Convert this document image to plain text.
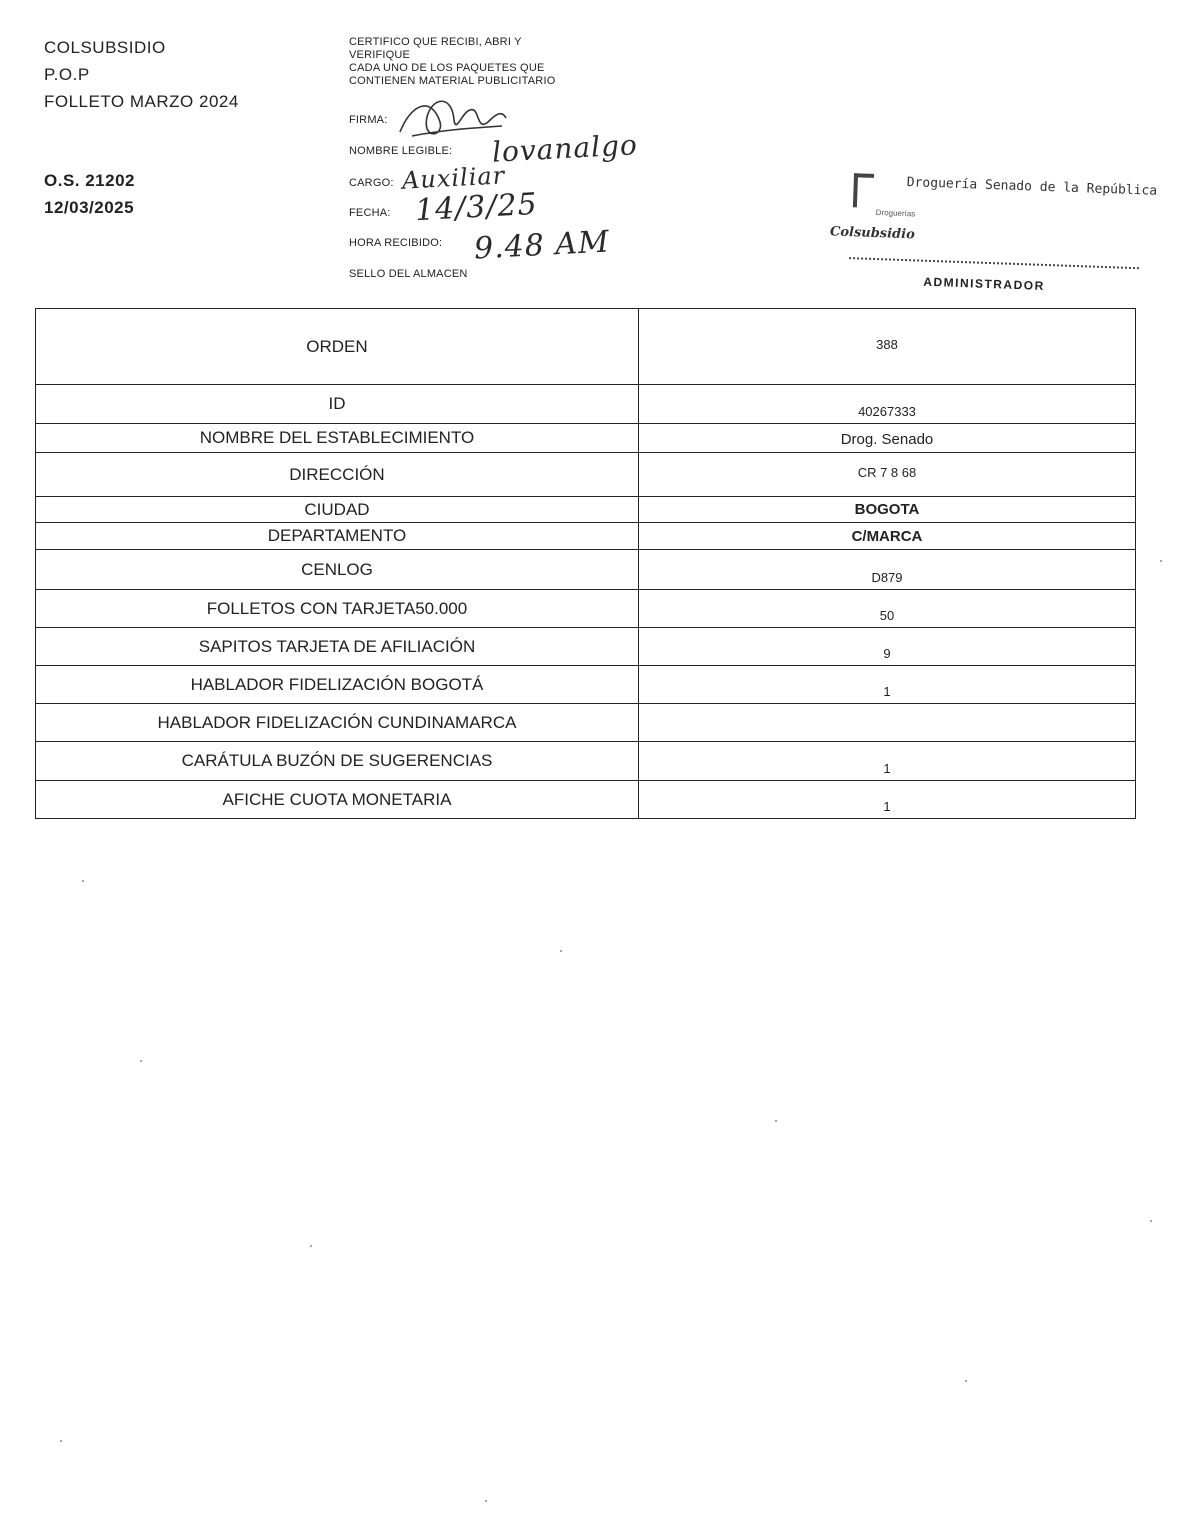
COLSUBSIDIO
P.O.P
FOLLETO MARZO 2024
O.S. 21202
12/03/2025
CERTIFICO QUE RECIBI, ABRI Y
VERIFIQUE
CADA UNO DE LOS PAQUETES QUE
CONTIENEN MATERIAL PUBLICITARIO
FIRMA:
NOMBRE LEGIBLE: lovanalgo
CARGO: Auxiliar
FECHA: 14/3/25
HORA RECIBIDO: 9.48 AM
SELLO DEL ALMACEN
Droguería Senado de la República
Droguerías
Colsubsidio
ADMINISTRADOR
ORDEN	388
ID	40267333
NOMBRE DEL ESTABLECIMIENTO	Drog. Senado
DIRECCIÓN	CR 7 8 68
CIUDAD	BOGOTA
DEPARTAMENTO	C/MARCA
CENLOG	D879
FOLLETOS CON TARJETA50.000	50
SAPITOS TARJETA DE AFILIACIÓN	9
HABLADOR FIDELIZACIÓN BOGOTÁ	1
HABLADOR FIDELIZACIÓN CUNDINAMARCA	
CARÁTULA BUZÓN DE SUGERENCIAS	1
AFICHE CUOTA MONETARIA	1
